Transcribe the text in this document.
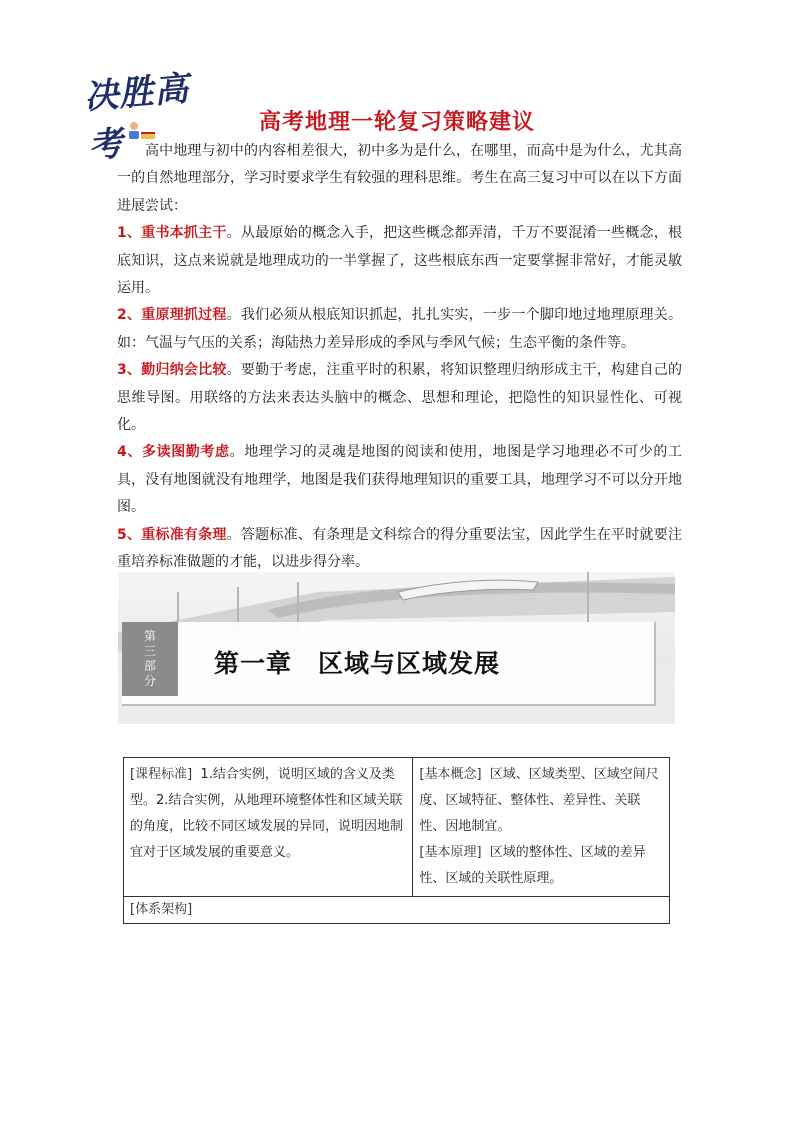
决胜高考
高考地理一轮复习策略建议

高中地理与初中的内容相差很大，初中多为是什么，在哪里，而高中是为什么，尤其高一的自然地理部分，学习时要求学生有较强的理科思维。考生在高三复习中可以在以下方面进展尝试：

1、重书本抓主干。从最原始的概念入手，把这些概念都弄清，千万不要混淆一些概念，根底知识，这点来说就是地理成功的一半掌握了，这些根底东西一定要掌握非常好，才能灵敏运用。

2、重原理抓过程。我们必须从根底知识抓起，扎扎实实，一步一个脚印地过地理原理关。如：气温与气压的关系；海陆热力差异形成的季风与季风气候；生态平衡的条件等。

3、勤归纳会比较。要勤于考虑，注重平时的积累，将知识整理归纳形成主干，构建自己的思维导图。用联络的方法来表达头脑中的概念、思想和理论，把隐性的知识显性化、可视化。

4、多读图勤考虑。地理学习的灵魂是地图的阅读和使用，地图是学习地理必不可少的工具，没有地图就没有地理学，地图是我们获得地理知识的重要工具，地理学习不可以分开地图。

5、重标准有条理。答题标准、有条理是文科综合的得分重要法宝，因此学生在平时就要注重培养标准做题的才能，以进步得分率。

第三部分
第一章　区域与区域发展
[课程标准] 1.结合实例，说明区域的含义及类型。2.结合实例，从地理环境整体性和区域关联的角度，比较不同区域发展的异同，说明因地制宜对于区域发展的重要意义。	[基本概念] 区域、区域类型、区域空间尺度、区域特征、整体性、差异性、关联性、因地制宜。
[基本原理] 区域的整体性、区域的差异性、区域的关联性原理。
[体系架构]
